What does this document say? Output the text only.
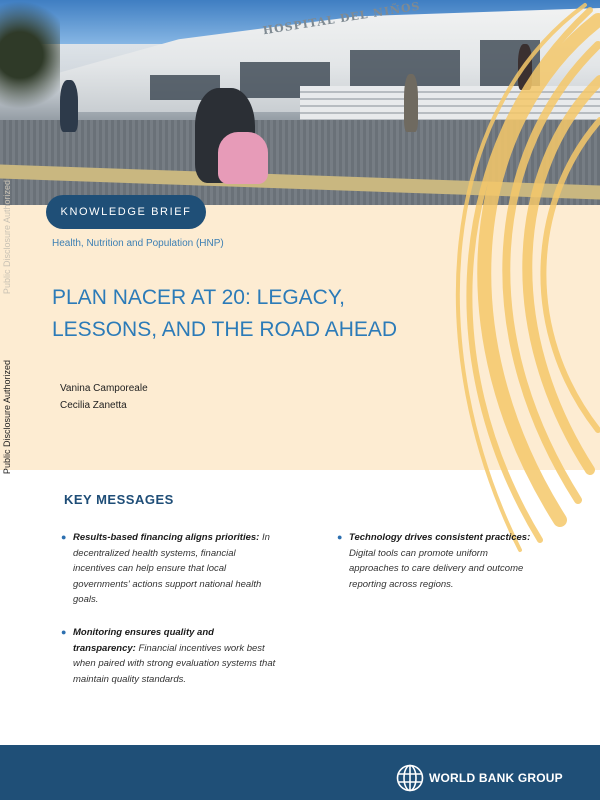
HOSPITAL DEL NIÑOS
Public Disclosure Authorized
Public Disclosure Authorized
KNOWLEDGE BRIEF
Health, Nutrition and Population (HNP)
PLAN NACER AT 20: LEGACY,
LESSONS, AND THE ROAD AHEAD
Vanina Camporeale
Cecilia Zanetta
KEY MESSAGES
● Results-based financing aligns priorities: In decentralized health systems, financial incentives can help ensure that local governments' actions support national health goals.
● Monitoring ensures quality and transparency: Financial incentives work best when paired with strong evaluation systems that maintain quality standards.
● Technology drives consistent practices: Digital tools can promote uniform approaches to care delivery and outcome reporting across regions.
WORLD BANK GROUP
